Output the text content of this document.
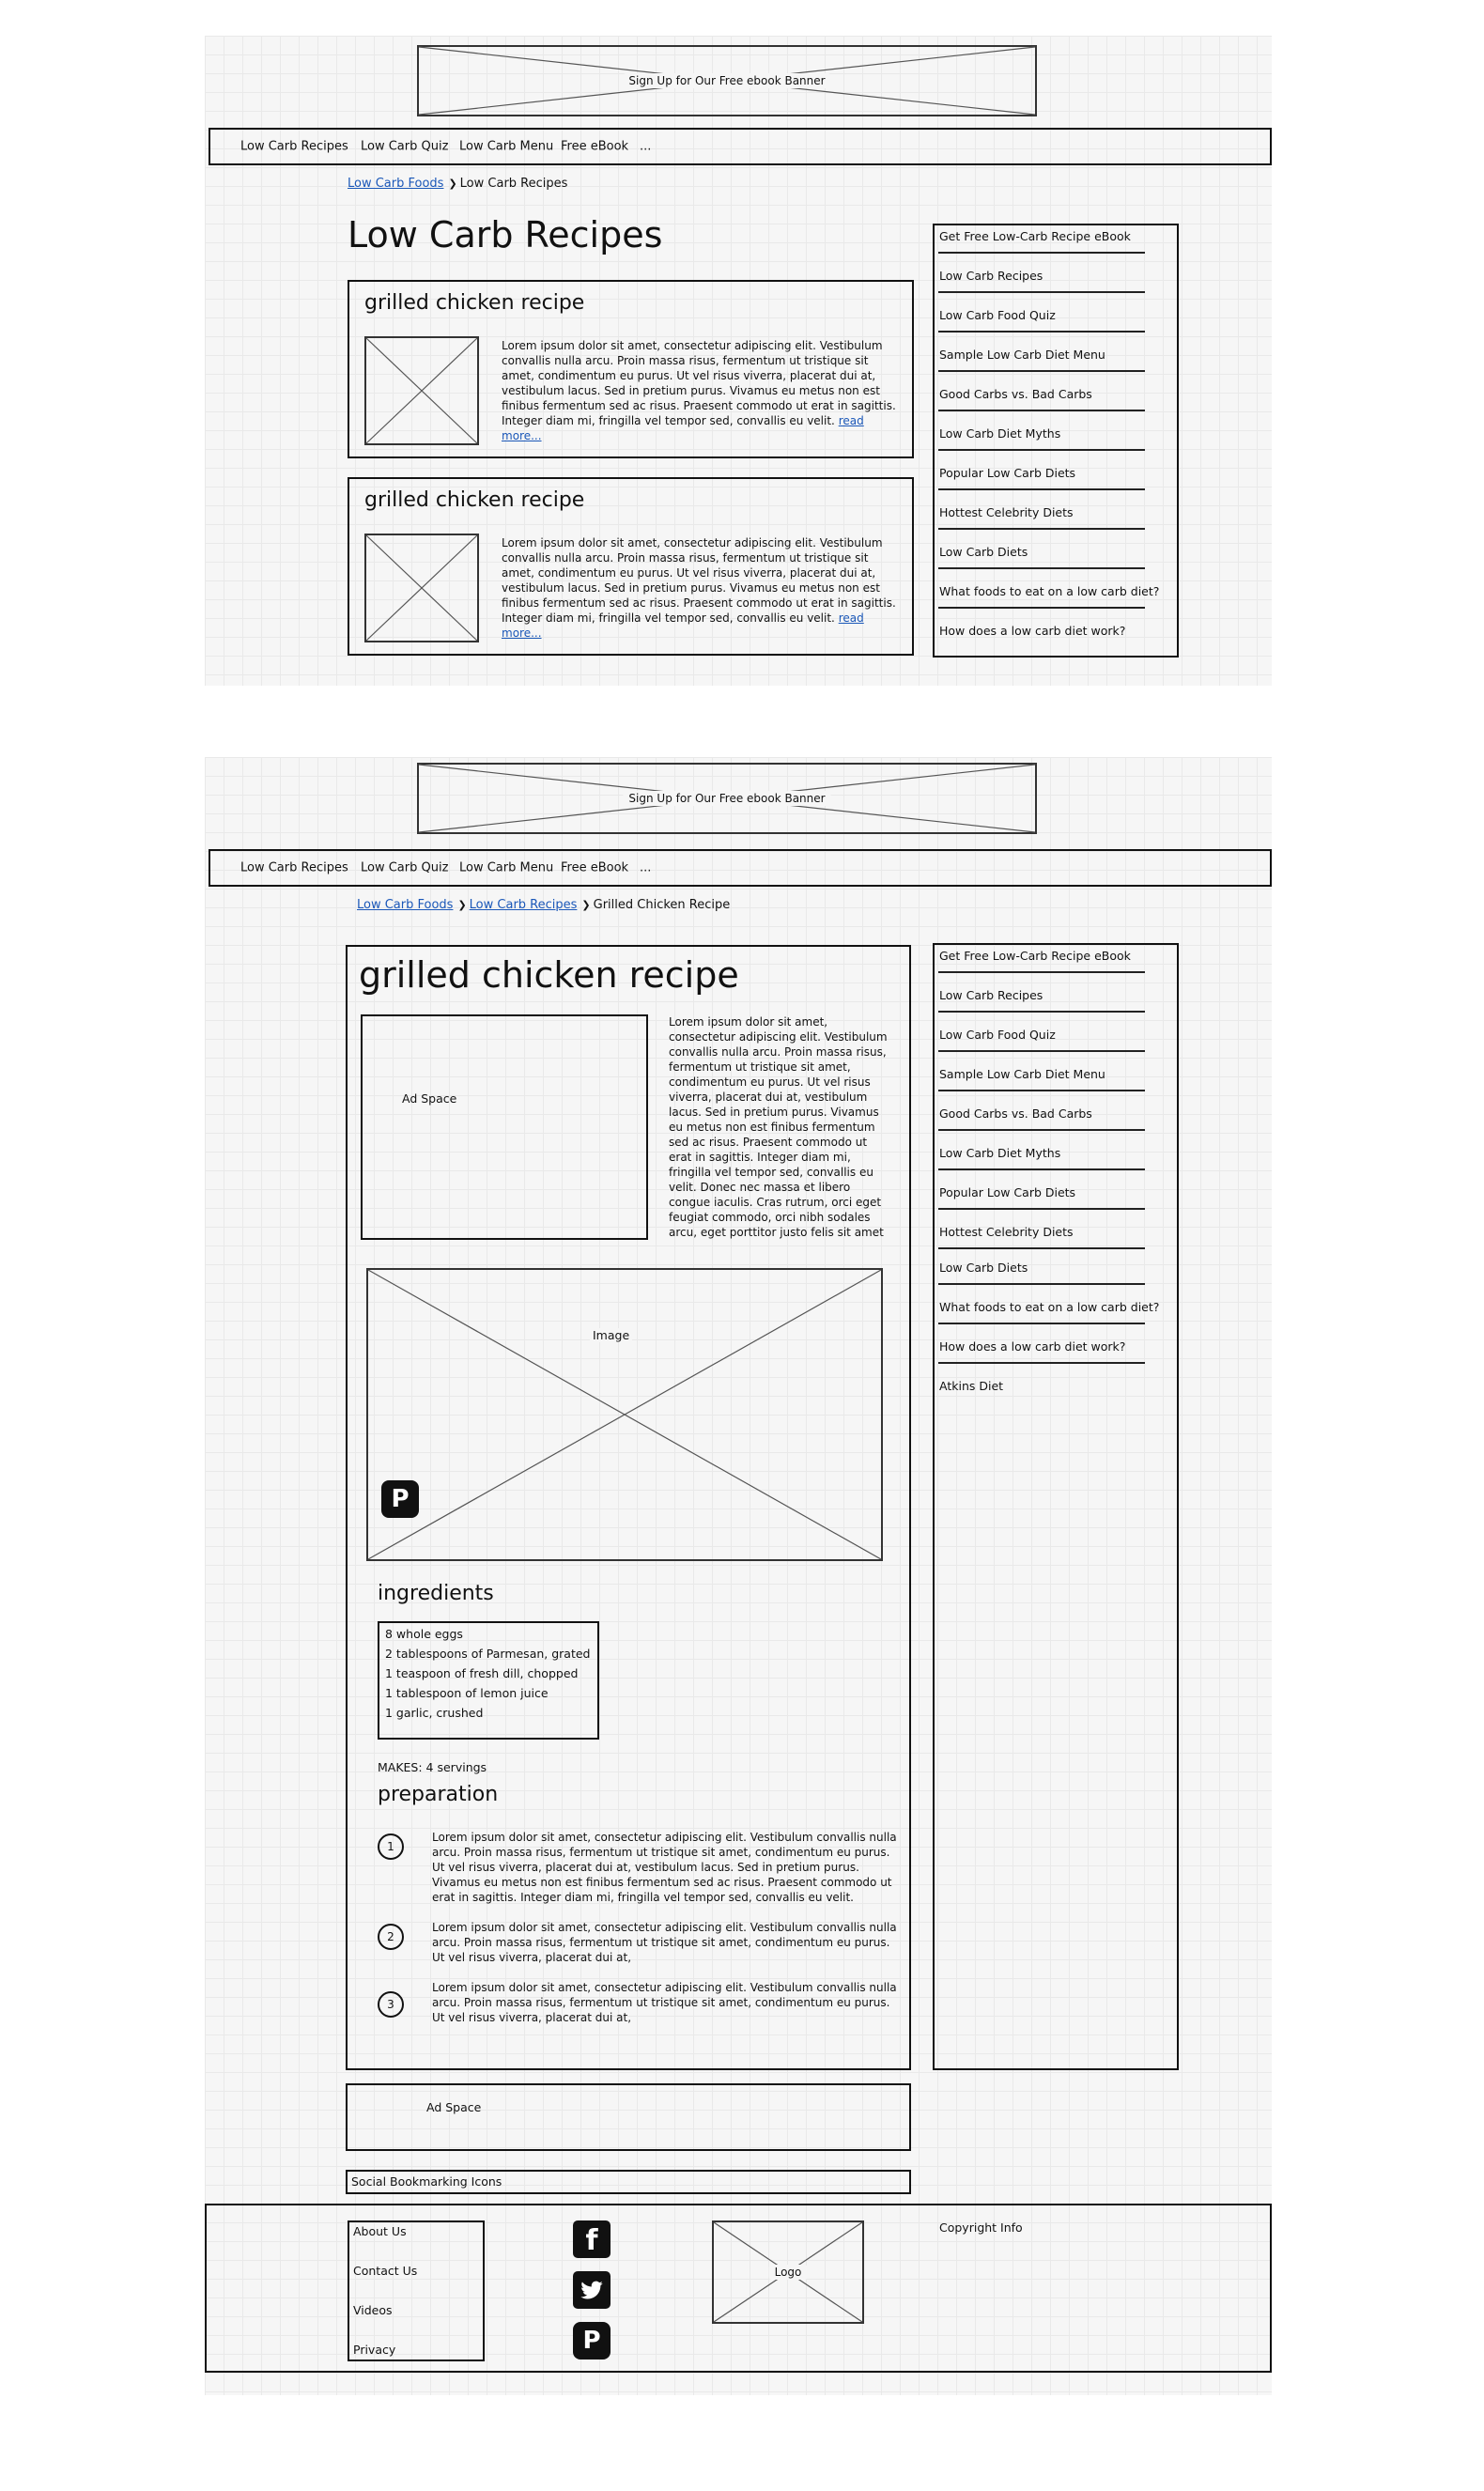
Sign Up for Our Free ebook Banner
Low Carb Recipes Low Carb Quiz Low Carb Menu Free eBook ...
Low Carb Foods ❯ Low Carb Recipes
Low Carb Recipes
grilled chicken recipe
Lorem ipsum dolor sit amet, consectetur adipiscing elit. Vestibulum convallis nulla arcu. Proin massa risus, fermentum ut tristique sit amet, condimentum eu purus. Ut vel risus viverra, placerat dui at, vestibulum lacus. Sed in pretium purus. Vivamus eu metus non est finibus fermentum sed ac risus. Praesent commodo ut erat in sagittis. Integer diam mi, fringilla vel tempor sed, convallis eu velit. read more...
grilled chicken recipe
Lorem ipsum dolor sit amet, consectetur adipiscing elit. Vestibulum convallis nulla arcu. Proin massa risus, fermentum ut tristique sit amet, condimentum eu purus. Ut vel risus viverra, placerat dui at, vestibulum lacus. Sed in pretium purus. Vivamus eu metus non est finibus fermentum sed ac risus. Praesent commodo ut erat in sagittis. Integer diam mi, fringilla vel tempor sed, convallis eu velit. read more...
Get Free Low-Carb Recipe eBook
Low Carb Recipes
Low Carb Food Quiz
Sample Low Carb Diet Menu
Good Carbs vs. Bad Carbs
Low Carb Diet Myths
Popular Low Carb Diets
Hottest Celebrity Diets
Low Carb Diets
What foods to eat on a low carb diet?
How does a low carb diet work?
Sign Up for Our Free ebook Banner
Low Carb Recipes Low Carb Quiz Low Carb Menu Free eBook ...
Low Carb Foods ❯ Low Carb Recipes ❯ Grilled Chicken Recipe
grilled chicken recipe
Ad Space
Lorem ipsum dolor sit amet, consectetur adipiscing elit. Vestibulum convallis nulla arcu. Proin massa risus, fermentum ut tristique sit amet, condimentum eu purus. Ut vel risus viverra, placerat dui at, vestibulum lacus. Sed in pretium purus. Vivamus eu metus non est finibus fermentum sed ac risus. Praesent commodo ut erat in sagittis. Integer diam mi, fringilla vel tempor sed, convallis eu velit. Donec nec massa et libero congue iaculis. Cras rutrum, orci eget feugiat commodo, orci nibh sodales arcu, eget porttitor justo felis sit amet
Image
P
ingredients
8 whole eggs
2 tablespoons of Parmesan, grated
1 teaspoon of fresh dill, chopped
1 tablespoon of lemon juice
1 garlic, crushed
MAKES: 4 servings
preparation
1
Lorem ipsum dolor sit amet, consectetur adipiscing elit. Vestibulum convallis nulla arcu. Proin massa risus, fermentum ut tristique sit amet, condimentum eu purus. Ut vel risus viverra, placerat dui at, vestibulum lacus. Sed in pretium purus. Vivamus eu metus non est finibus fermentum sed ac risus. Praesent commodo ut erat in sagittis. Integer diam mi, fringilla vel tempor sed, convallis eu velit.
2
Lorem ipsum dolor sit amet, consectetur adipiscing elit. Vestibulum convallis nulla arcu. Proin massa risus, fermentum ut tristique sit amet, condimentum eu purus. Ut vel risus viverra, placerat dui at,
3
Lorem ipsum dolor sit amet, consectetur adipiscing elit. Vestibulum convallis nulla arcu. Proin massa risus, fermentum ut tristique sit amet, condimentum eu purus. Ut vel risus viverra, placerat dui at,
Get Free Low-Carb Recipe eBook
Low Carb Recipes
Low Carb Food Quiz
Sample Low Carb Diet Menu
Good Carbs vs. Bad Carbs
Low Carb Diet Myths
Popular Low Carb Diets
Hottest Celebrity Diets
Low Carb Diets
What foods to eat on a low carb diet?
How does a low carb diet work?
Atkins Diet
Ad Space
Social Bookmarking Icons
About Us
Contact Us
Videos
Privacy
f
P
Logo
Copyright Info
